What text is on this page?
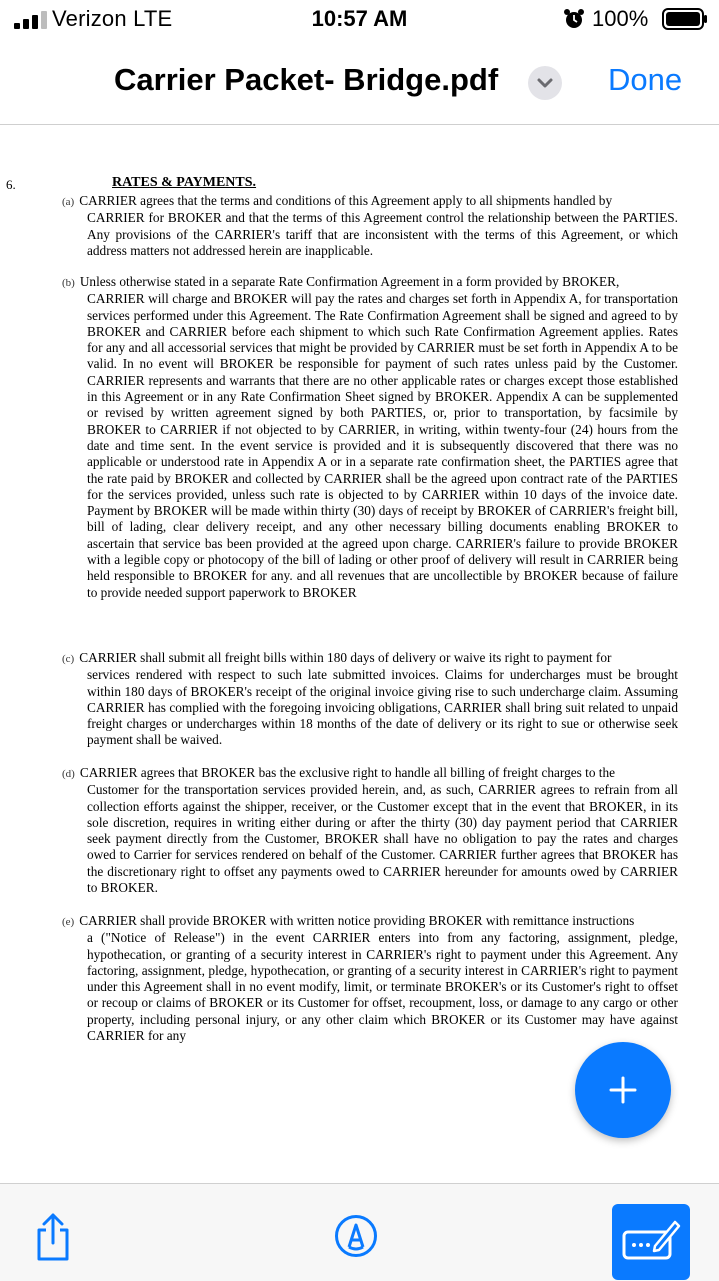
Verizon LTE	10:57 AM	100%
Carrier Packet- Bridge.pdf	Done
6.	RATES & PAYMENTS.
(a) CARRIER agrees that the terms and conditions of this Agreement apply to all shipments handled by
CARRIER for BROKER and that the terms of this Agreement control the relationship between the PARTIES. Any provisions of the CARRIER's tariff that are inconsistent with the terms of this Agreement, or which address matters not addressed herein are inapplicable.
(b) Unless otherwise stated in a separate Rate Confirmation Agreement in a form provided by BROKER,
CARRIER will charge and BROKER will pay the rates and charges set forth in Appendix A, for transportation services performed under this Agreement. The Rate Confirmation Agreement shall be signed and agreed to by BROKER and CARRIER before each shipment to which such Rate Confirmation Agreement applies. Rates for any and all accessorial services that might be provided by CARRIER must be set forth in Appendix A to be valid. In no event will BROKER be responsible for payment of such rates unless paid by the Customer. CARRIER represents and warrants that there are no other applicable rates or charges except those established in this Agreement or in any Rate Confirmation Sheet signed by BROKER. Appendix A can be supplemented or revised by written agreement signed by both PARTIES, or, prior to transportation, by facsimile by BROKER to CARRIER if not objected to by CARRIER, in writing, within twenty-four (24) hours from the date and time sent. In the event service is provided and it is subsequently discovered that there was no applicable or understood rate in Appendix A or in a separate rate confirmation sheet, the PARTIES agree that the rate paid by BROKER and collected by CARRIER shall be the agreed upon contract rate of the PARTIES for the services provided, unless such rate is objected to by CARRIER within 10 days of the invoice date. Payment by BROKER will be made within thirty (30) days of receipt by BROKER of CARRIER's freight bill, bill of lading, clear delivery receipt, and any other necessary billing documents enabling BROKER to ascertain that service bas been provided at the agreed upon charge. CARRIER's failure to provide BROKER with a legible copy or photocopy of the bill of lading or other proof of delivery will result in CARRIER being held responsible to BROKER for any. and all revenues that are uncollectible by BROKER because of failure to provide needed support paperwork to BROKER
(c) CARRIER shall submit all freight bills within 180 days of delivery or waive its right to payment for
services rendered with respect to such late submitted invoices. Claims for undercharges must be brought within 180 days of BROKER's receipt of the original invoice giving rise to such undercharge claim. Assuming CARRIER has complied with the foregoing invoicing obligations, CARRIER shall bring suit related to unpaid freight charges or undercharges within 18 months of the date of delivery or its right to sue or otherwise seek payment shall be waived.
(d) CARRIER agrees that BROKER bas the exclusive right to handle all billing of freight charges to the
Customer for the transportation services provided herein, and, as such, CARRIER agrees to refrain from all collection efforts against the shipper, receiver, or the Customer except that in the event that BROKER, in its sole discretion, requires in writing either during or after the thirty (30) day payment period that CARRIER seek payment directly from the Customer, BROKER shall have no obligation to pay the rates and charges owed to Carrier for services rendered on behalf of the Customer. CARRIER further agrees that BROKER has the discretionary right to offset any payments owed to CARRIER hereunder for amounts owed by CARRIER to BROKER.
(e) CARRIER shall provide BROKER with written notice providing BROKER with remittance instructions
a ("Notice of Release") in the event CARRIER enters into from any factoring, assignment, pledge, hypothecation, or granting of a security interest in CARRIER's right to payment under this Agreement. Any factoring, assignment, pledge, hypothecation, or granting of a security interest in CARRIER's right to payment under this Agreement shall in no event modify, limit, or terminate BROKER's or its Customer's right to offset or recoup or claims of BROKER or its Customer for offset, recoupment, loss, or damage to any cargo or other property, including personal injury, or any other claim which BROKER or its Customer may have against CARRIER for any
